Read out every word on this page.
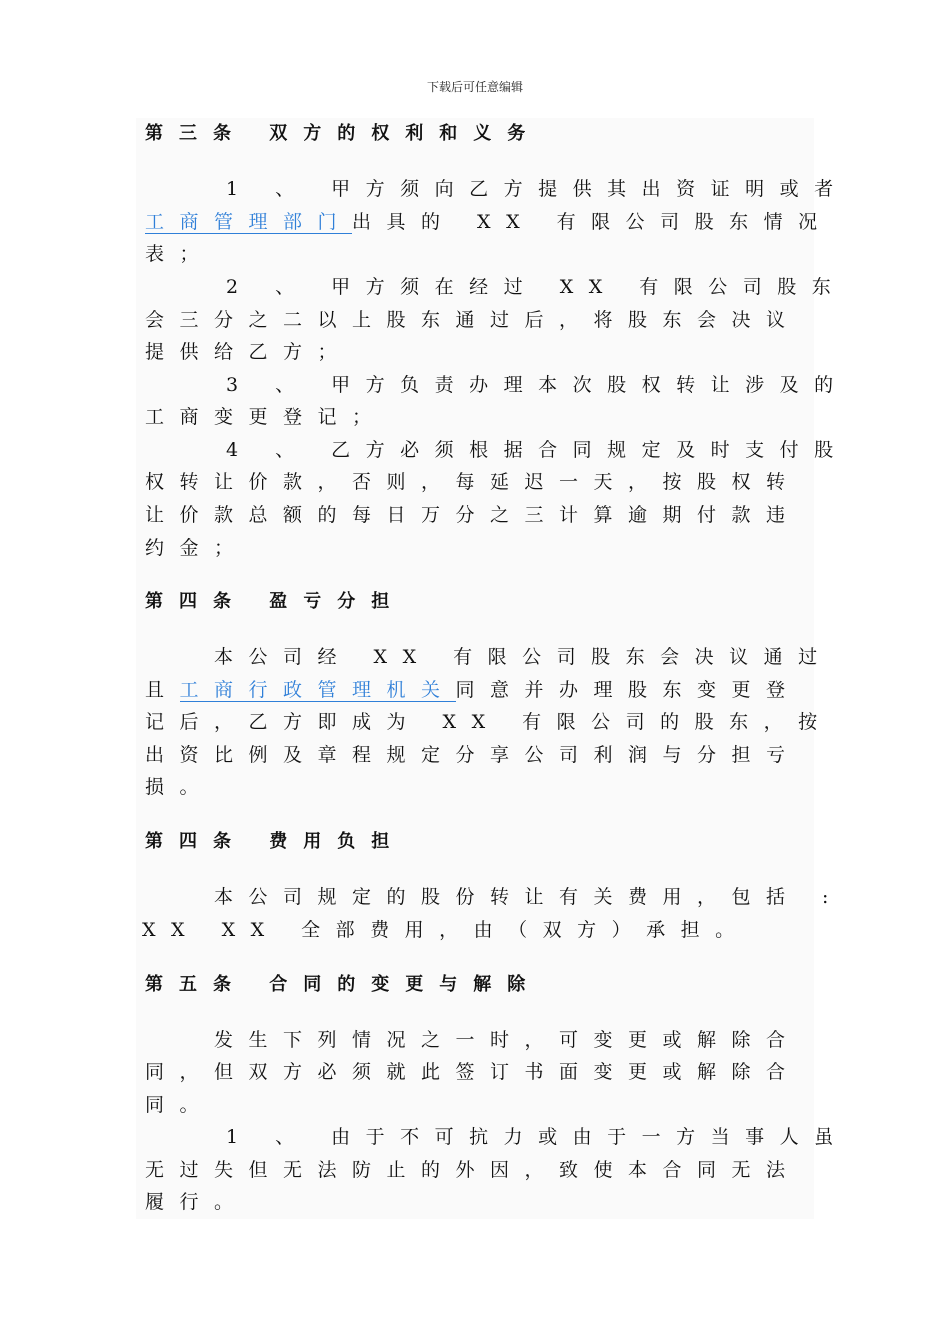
下载后可任意编辑
第三条 双方的权利和义务
1 、 甲方须向乙方提供其出资证明或者
工商管理部门出具的 XX 有限公司股东情况
表；
2 、 甲方须在经过 XX 有限公司股东
会三分之二以上股东通过后，将股东会决议
提供给乙方；
3 、 甲方负责办理本次股权转让涉及的
工商变更登记；
4 、 乙方必须根据合同规定及时支付股
权转让价款，否则，每延迟一天，按股权转
让价款总额的每日万分之三计算逾期付款违
约金；
第四条 盈亏分担
本公司经 XX 有限公司股东会决议通过
且工商行政管理机关同意并办理股东变更登
记后，乙方即成为 XX 有限公司的股东，按
出资比例及章程规定分享公司利润与分担亏
损。
第四条 费用负担
本公司规定的股份转让有关费用，包括 :
XX XX 全部费用，由（双方）承担。
第五条 合同的变更与解除
发生下列情况之一时，可变更或解除合
同，但双方必须就此签订书面变更或解除合
同。
1 、 由于不可抗力或由于一方当事人虽
无过失但无法防止的外因，致使本合同无法
履行。
